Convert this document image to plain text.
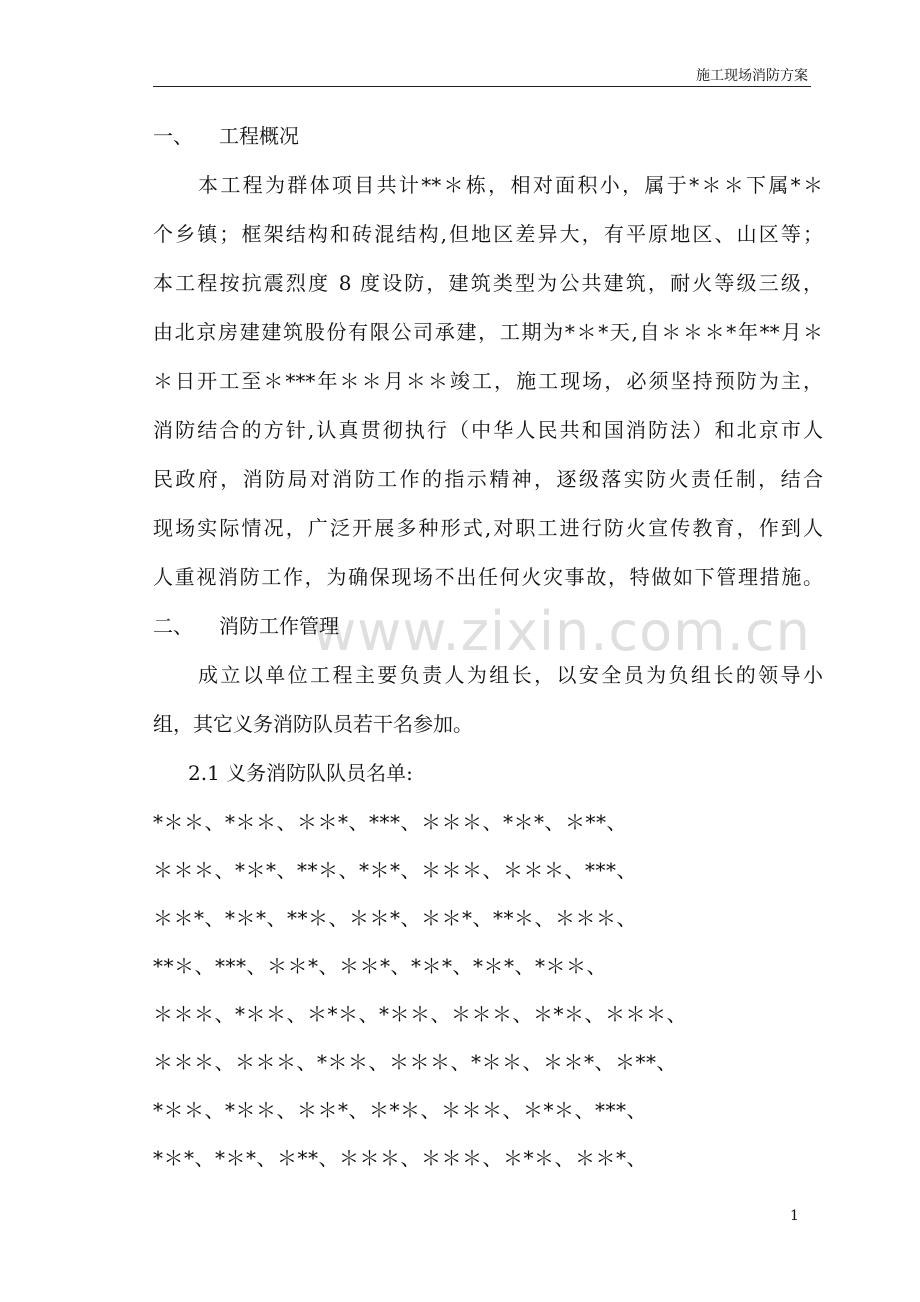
施工现场消防方案
www.zixin.com.cn
一、 工程概况
本工程为群体项目共计**＊栋，相对面积小，属于*＊＊下属*＊
个乡镇；框架结构和砖混结构,但地区差异大，有平原地区、山区等；
本工程按抗震烈度 8 度设防，建筑类型为公共建筑，耐火等级三级，
由北京房建建筑股份有限公司承建，工期为*＊*天,自＊＊＊*年**月＊
＊日开工至＊***年＊＊月＊＊竣工，施工现场，必须坚持预防为主，
消防结合的方针,认真贯彻执行（中华人民共和国消防法）和北京市人
民政府，消防局对消防工作的指示精神，逐级落实防火责任制，结合
现场实际情况，广泛开展多种形式,对职工进行防火宣传教育，作到人
人重视消防工作，为确保现场不出任何火灾事故，特做如下管理措施。
二、 消防工作管理
成立以单位工程主要负责人为组长，以安全员为负组长的领导小
组，其它义务消防队员若干名参加。
2.1 义务消防队队员名单:
*＊＊、*＊＊、＊＊*、***、＊＊＊、*＊*、＊**、
＊＊＊、*＊*、**＊、*＊*、＊＊＊、＊＊＊、***、
＊＊*、*＊*、**＊、＊＊*、＊＊*、**＊、＊＊＊、
**＊、***、＊＊*、＊＊*、*＊*、*＊*、*＊＊、
＊＊＊、*＊＊、＊*＊、*＊＊、＊＊＊、＊*＊、＊＊＊、
＊＊＊、＊＊＊、*＊＊、＊＊＊、*＊＊、＊＊*、＊**、
*＊＊、*＊＊、＊＊*、＊*＊、＊＊＊、＊*＊、***、
*＊*、*＊*、＊**、＊＊＊、＊＊＊、＊*＊、＊＊*、
1
